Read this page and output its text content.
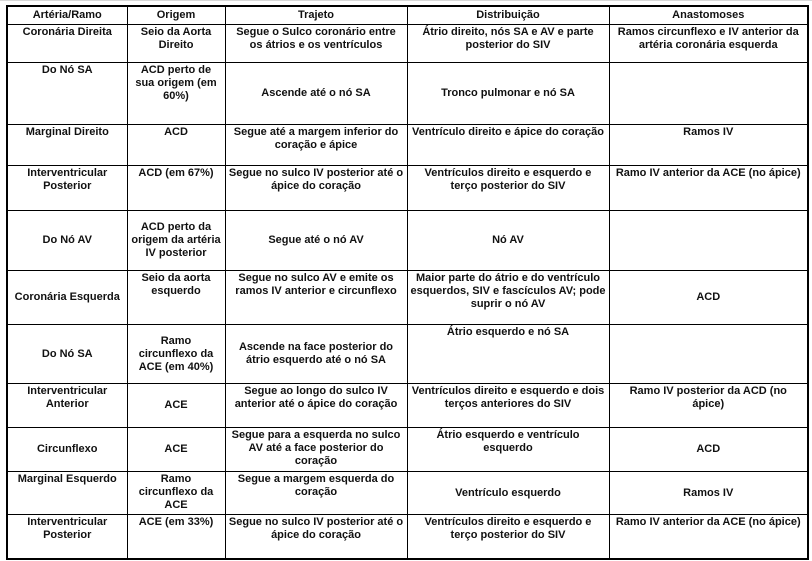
Artéria/Ramo	Origem	Trajeto	Distribuição	Anastomoses
Coronária Direita	Seio da Aorta Direito	Segue o Sulco coronário entre os átrios e os ventrículos	Átrio direito, nós SA e AV e parte posterior do SIV	Ramos circunflexo e IV anterior da artéria coronária esquerda
Do Nó SA	ACD perto de sua origem (em 60%)	Ascende até o nó SA	Tronco pulmonar e nó SA	
Marginal Direito	ACD	Segue até a margem inferior do coração e ápice	Ventrículo direito e ápice do coração	Ramos IV
Interventricular Posterior	ACD (em 67%)	Segue no sulco IV posterior até o ápice do coração	Ventrículos direito e esquerdo e terço posterior do SIV	Ramo IV anterior da ACE (no ápice)
Do Nó AV	ACD perto da origem da artéria IV posterior	Segue até o nó AV	Nó AV	
Coronária Esquerda	Seio da aorta esquerdo	Segue no sulco AV e emite os ramos IV anterior e circunflexo	Maior parte do átrio e do ventrículo esquerdos, SIV e fascículos AV; pode suprir o nó AV	ACD
Do Nó SA	Ramo circunflexo da ACE (em 40%)	Ascende na face posterior do átrio esquerdo até o nó SA	Átrio esquerdo e nó SA	
Interventricular Anterior	ACE	Segue ao longo do sulco IV anterior até o ápice do coração	Ventrículos direito e esquerdo e dois terços anteriores do SIV	Ramo IV posterior da ACD (no ápice)
Circunflexo	ACE	Segue para a esquerda no sulco AV até a face posterior do coração	Átrio esquerdo e ventrículo esquerdo	ACD
Marginal Esquerdo	Ramo circunflexo da ACE	Segue a margem esquerda do coração	Ventrículo esquerdo	Ramos IV
Interventricular Posterior	ACE (em 33%)	Segue no sulco IV posterior até o ápice do coração	Ventrículos direito e esquerdo e terço posterior do SIV	Ramo IV anterior da ACE (no ápice)
